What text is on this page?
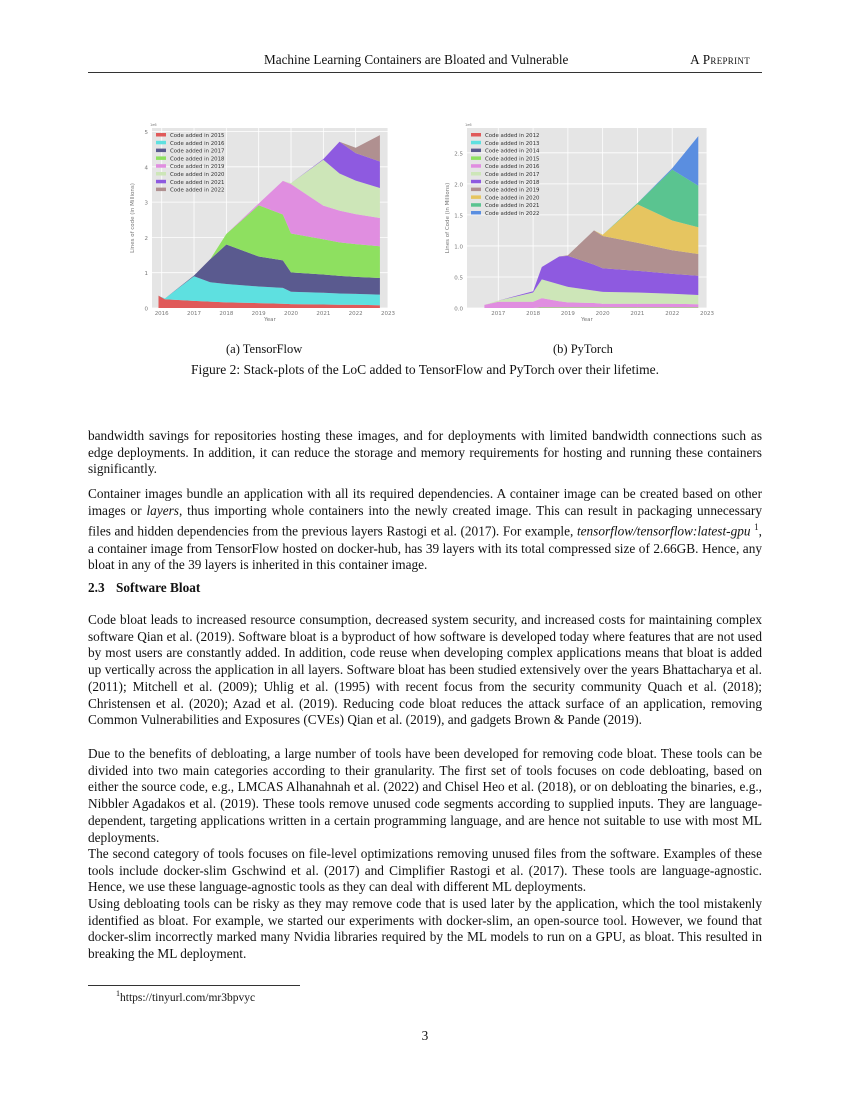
Machine Learning Containers are Bloated and Vulnerable	A Preprint
0
1
2
3
4
5
2016	2017	2018	2019	2020	2021	2022	2023
1e6
Year
Lines of code (in Millions)
Code added in 2015
Code added in 2016
Code added in 2017
Code added in 2018
Code added in 2019
Code added in 2020
Code added in 2021
Code added in 2022
0.0
0.5
1.0
1.5
2.0
2.5
2017	2018	2019	2020	2021	2022	2023
1e6
Year
Lines of Code (in Millions)
Code added in 2012
Code added in 2013
Code added in 2014
Code added in 2015
Code added in 2016
Code added in 2017
Code added in 2018
Code added in 2019
Code added in 2020
Code added in 2021
Code added in 2022
(a) TensorFlow	(b) PyTorch
Figure 2: Stack-plots of the LoC added to TensorFlow and PyTorch over their lifetime.

bandwidth savings for repositories hosting these images, and for deployments with limited bandwidth connections such as edge deployments. In addition, it can reduce the storage and memory requirements for hosting and running these containers significantly.

Container images bundle an application with all its required dependencies. A container image can be created based on other images or layers, thus importing whole containers into the newly created image. This can result in packaging unnecessary files and hidden dependencies from the previous layers Rastogi et al. (2017). For example, tensorflow/tensorflow:latest-gpu $^1$, a container image from TensorFlow hosted on docker-hub, has 39 layers with its total compressed size of 2.66GB. Hence, any bloat in any of the 39 layers is inherited in this container image.

2.3 Software Bloat

Code bloat leads to increased resource consumption, decreased system security, and increased costs for maintaining complex software Qian et al. (2019). Software bloat is a byproduct of how software is developed today where features that are not used by most users are constantly added. In addition, code reuse when developing complex applications means that bloat is added up vertically across the application in all layers. Software bloat has been studied extensively over the years Bhattacharya et al. (2011); Mitchell et al. (2009); Uhlig et al. (1995) with recent focus from the security community Quach et al. (2018); Christensen et al. (2020); Azad et al. (2019). Reducing code bloat reduces the attack surface of an application, removing Common Vulnerabilities and Exposures (CVEs) Qian et al. (2019), and gadgets Brown & Pande (2019).

Due to the benefits of debloating, a large number of tools have been developed for removing code bloat. These tools can be divided into two main categories according to their granularity. The first set of tools focuses on code debloating, based on either the source code, e.g., LMCAS Alhanahnah et al. (2022) and Chisel Heo et al. (2018), or on debloating the binaries, e.g., Nibbler Agadakos et al. (2019). These tools remove unused code segments according to supplied inputs. They are language-dependent, targeting applications written in a certain programming language, and are hence not suitable to use with most ML deployments.

The second category of tools focuses on file-level optimizations removing unused files from the software. Examples of these tools include docker-slim Gschwind et al. (2017) and Cimplifier Rastogi et al. (2017). These tools are language-agnostic. Hence, we use these language-agnostic tools as they can deal with different ML deployments.

Using debloating tools can be risky as they may remove code that is used later by the application, which the tool mistakenly identified as bloat. For example, we started our experiments with docker-slim, an open-source tool. However, we found that docker-slim incorrectly marked many Nvidia libraries required by the ML models to run on a GPU, as bloat. This resulted in breaking the ML deployment.

$^1$https://tinyurl.com/mr3bpvyc
3
